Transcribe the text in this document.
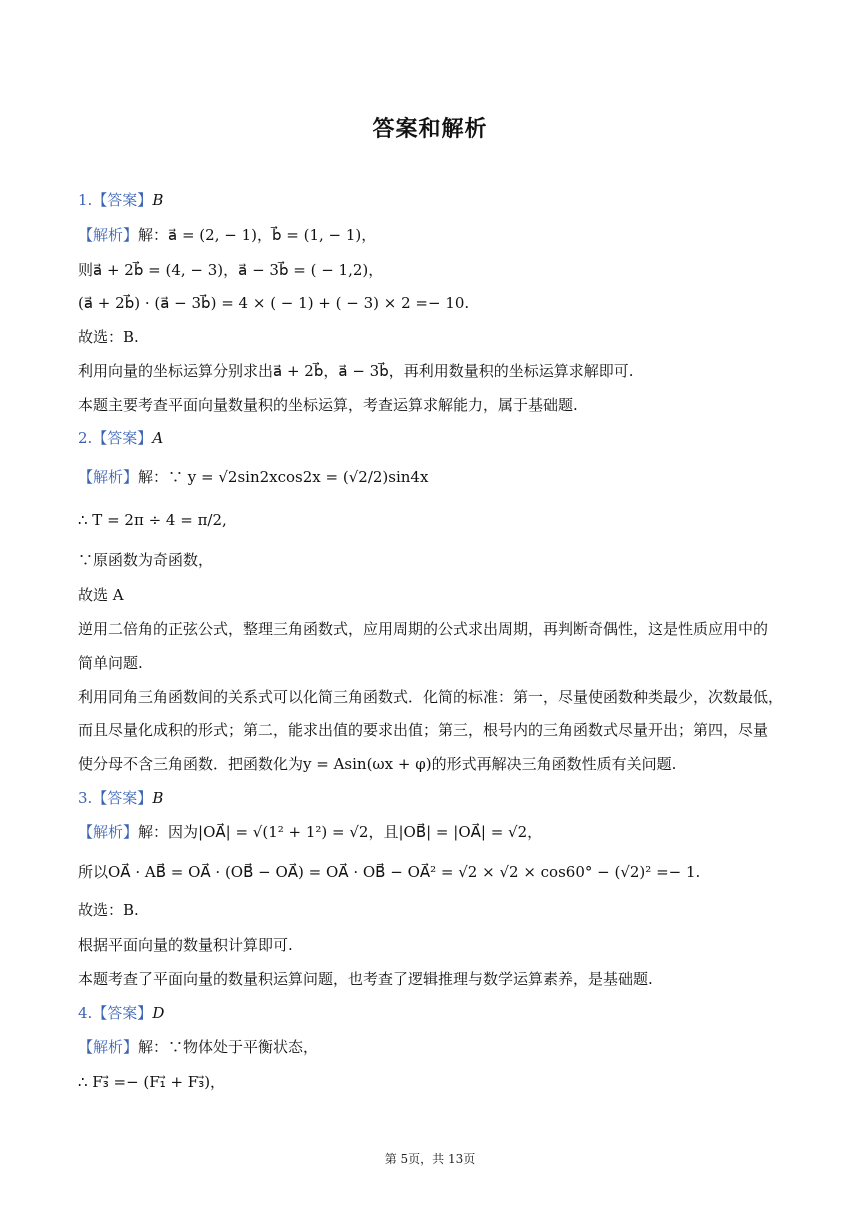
答案和解析
1.【答案】B
【解析】解：a⃗ = (2, − 1)，b⃗ = (1, − 1)，
则a⃗ + 2b⃗ = (4, − 3)，a⃗ − 3b⃗ = ( − 1,2)，
(a⃗ + 2b⃗) · (a⃗ − 3b⃗) = 4 × ( − 1) + ( − 3) × 2 =− 10.
故选：B.
利用向量的坐标运算分别求出a⃗ + 2b⃗，a⃗ − 3b⃗，再利用数量积的坐标运算求解即可.
本题主要考查平面向量数量积的坐标运算，考查运算求解能力，属于基础题.
2.【答案】A
【解析】解：∵ y = √2sin2xcos2x = (√2/2)sin4x
∴ T = 2π ÷ 4 = π/2,
∵原函数为奇函数，
故选 A
逆用二倍角的正弦公式，整理三角函数式，应用周期的公式求出周期，再判断奇偶性，这是性质应用中的
简单问题.
利用同角三角函数间的关系式可以化简三角函数式．化简的标准：第一，尽量使函数种类最少，次数最低，
而且尽量化成积的形式；第二，能求出值的要求出值；第三，根号内的三角函数式尽量开出；第四，尽量
使分母不含三角函数．把函数化为y = Asin(ωx + φ)的形式再解决三角函数性质有关问题.
3.【答案】B
【解析】解：因为|OA⃗| = √(1² + 1²) = √2，且|OB⃗| = |OA⃗| = √2，
所以OA⃗ · AB⃗ = OA⃗ · (OB⃗ − OA⃗) = OA⃗ · OB⃗ − OA⃗² = √2 × √2 × cos60° − (√2)² =− 1.
故选：B.
根据平面向量的数量积计算即可.
本题考查了平面向量的数量积运算问题，也考查了逻辑推理与数学运算素养，是基础题.
4.【答案】D
【解析】解：∵物体处于平衡状态，
∴ F₃⃗ =− (F₁⃗ + F₃⃗)，
第 5页，共 13页
